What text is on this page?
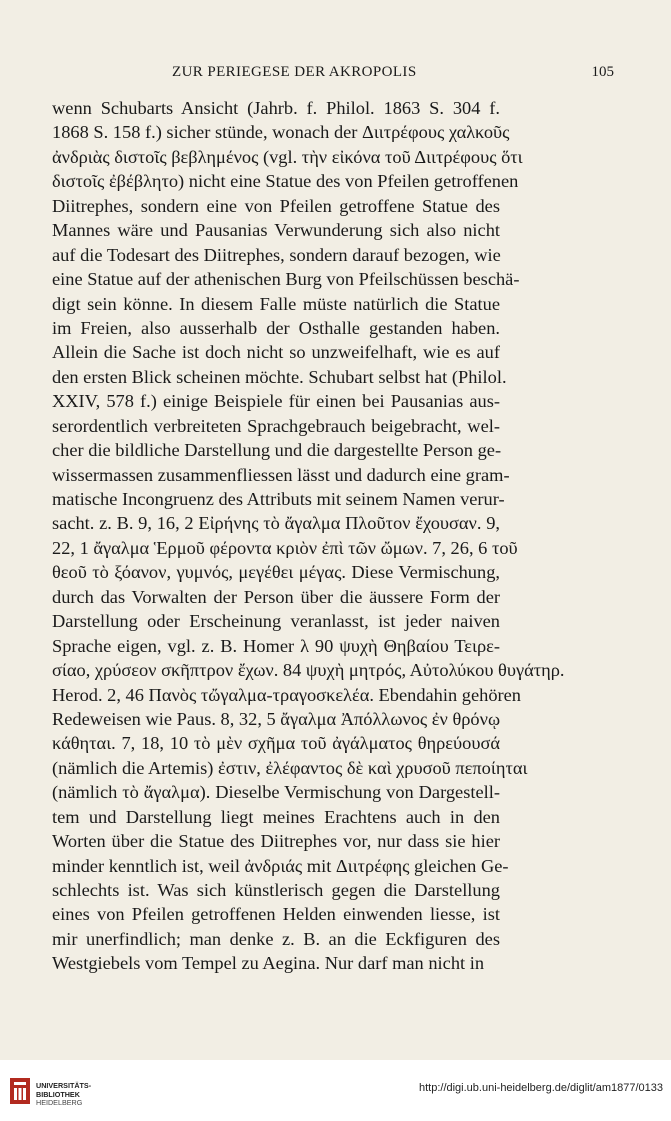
ZUR PERIEGESE DER AKROPOLIS	105
wenn Schubarts Ansicht (Jahrb. f. Philol. 1863 S. 304 f.
1868 S. 158 f.) sicher stünde, wonach der Διιτρέφους χαλκοῦς
ἀνδριὰς διστοῖς βεβλημένος (vgl. τὴν εἰκόνα τοῦ Διιτρέφους ὅτι
διστοῖς ἐβέβλητο) nicht eine Statue des von Pfeilen getroffenen
Diitrephes, sondern eine von Pfeilen getroffene Statue des
Mannes wäre und Pausanias Verwunderung sich also nicht
auf die Todesart des Diitrephes, sondern darauf bezogen, wie
eine Statue auf der athenischen Burg von Pfeilschüssen beschä-
digt sein könne. In diesem Falle müste natürlich die Statue
im Freien, also ausserhalb der Osthalle gestanden haben.
Allein die Sache ist doch nicht so unzweifelhaft, wie es auf
den ersten Blick scheinen möchte. Schubart selbst hat (Philol.
XXIV, 578 f.) einige Beispiele für einen bei Pausanias aus-
serordentlich verbreiteten Sprachgebrauch beigebracht, wel-
cher die bildliche Darstellung und die dargestellte Person ge-
wissermassen zusammenfliessen lässt und dadurch eine gram-
matische Incongruenz des Attributs mit seinem Namen verur-
sacht. z. B. 9, 16, 2 Εἰρήνης τὸ ἄγαλμα Πλοῦτον ἔχουσαν. 9,
22, 1 ἄγαλμα Ἑρμοῦ φέροντα κριὸν ἐπὶ τῶν ὤμων. 7, 26, 6 τοῦ
θεοῦ τὸ ξόανον, γυμνός, μεγέθει μέγας. Diese Vermischung,
durch das Vorwalten der Person über die äussere Form der
Darstellung oder Erscheinung veranlasst, ist jeder naiven
Sprache eigen, vgl. z. B. Homer λ 90 ψυχὴ Θηβαίου Τειρε-
σίαο, χρύσεον σκῆπτρον ἔχων. 84 ψυχὴ μητρός, Αὐτολύκου θυγάτηρ.
Herod. 2, 46 Πανὸς τὤγαλμα-τραγοσκελέα. Ebendahin gehören
Redeweisen wie Paus. 8, 32, 5 ἄγαλμα Ἀπόλλωνος ἐν θρόνῳ
κάθηται. 7, 18, 10 τὸ μὲν σχῆμα τοῦ ἀγάλματος θηρεύουσά
(nämlich die Artemis) ἐστιν, ἐλέφαντος δὲ καὶ χρυσοῦ πεποίηται
(nämlich τὸ ἄγαλμα). Dieselbe Vermischung von Dargestell-
tem und Darstellung liegt meines Erachtens auch in den
Worten über die Statue des Diitrephes vor, nur dass sie hier
minder kenntlich ist, weil ἀνδριάς mit Διιτρέφης gleichen Ge-
schlechts ist. Was sich künstlerisch gegen die Darstellung
eines von Pfeilen getroffenen Helden einwenden liesse, ist
mir unerfindlich; man denke z. B. an die Eckfiguren des
Westgiebels vom Tempel zu Aegina. Nur darf man nicht in
UNIVERSITÄTS-
BIBLIOTHEK
HEIDELBERG
http://digi.ub.uni-heidelberg.de/diglit/am1877/0133
